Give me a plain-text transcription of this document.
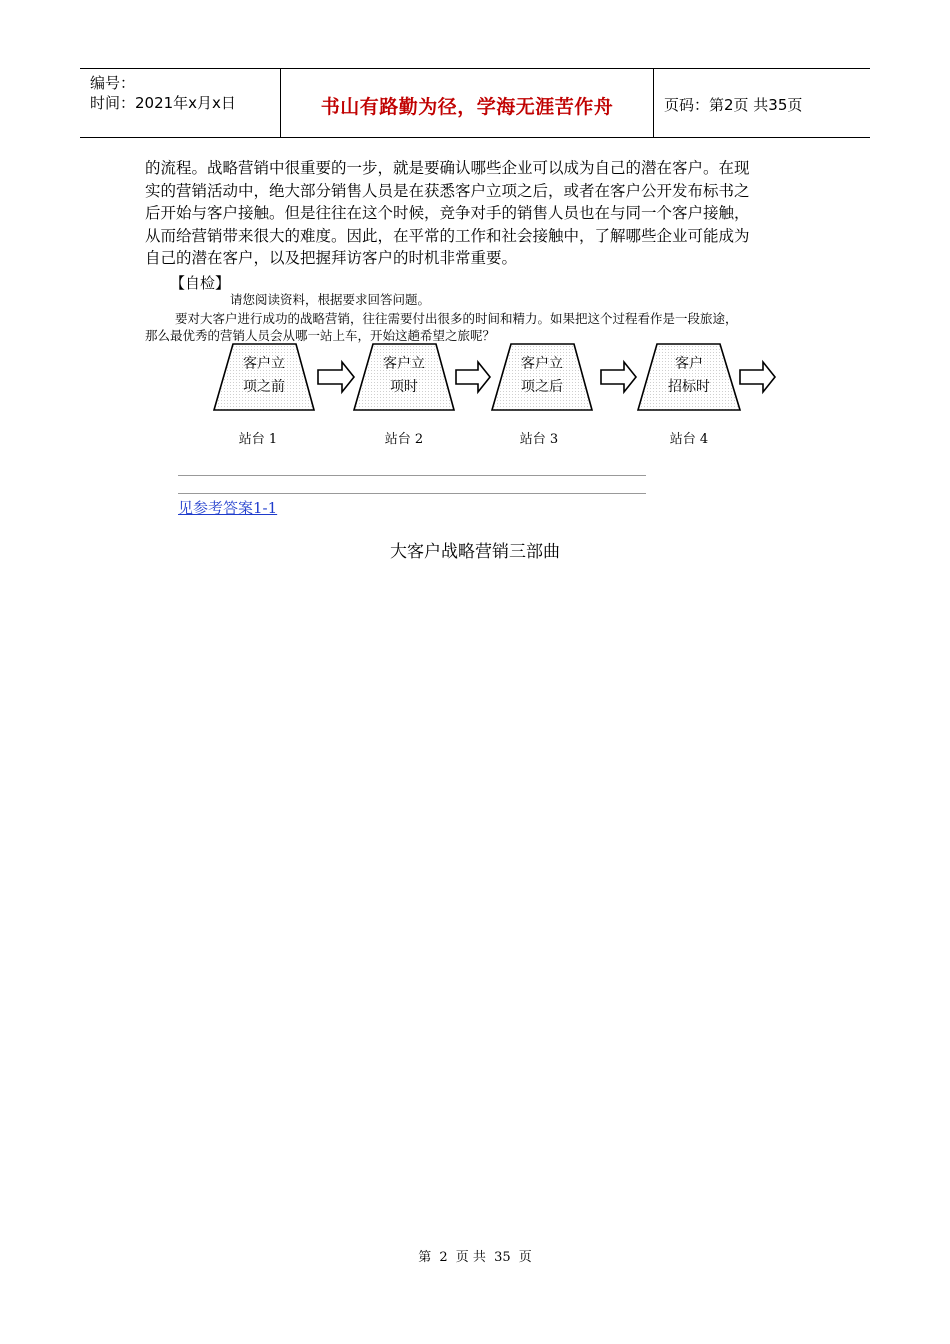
编号：
时间：2021年x月x日	书山有路勤为径，学海无涯苦作舟	页码：第2页 共35页

的流程。战略营销中很重要的一步，就是要确认哪些企业可以成为自己的潜在客户。在现

实的营销活动中，绝大部分销售人员是在获悉客户立项之后，或者在客户公开发布标书之

后开始与客户接触。但是往往在这个时候，竞争对手的销售人员也在与同一个客户接触，

从而给营销带来很大的难度。因此，在平常的工作和社会接触中，了解哪些企业可能成为

自己的潜在客户，以及把握拜访客户的时机非常重要。

【自检】
请您阅读资料，根据要求回答问题。
要对大客户进行成功的战略营销，往往需要付出很多的时间和精力。如果把这个过程看作是一段旅途，
那么最优秀的营销人员会从哪一站上车，开始这趟希望之旅呢？
客户立
项之前
站台 1
客户立
项时
站台 2
客户立
项之后
站台 3
客户
招标时
站台 4
见参考答案1-1
大客户战略营销三部曲
第 2 页 共 35 页
